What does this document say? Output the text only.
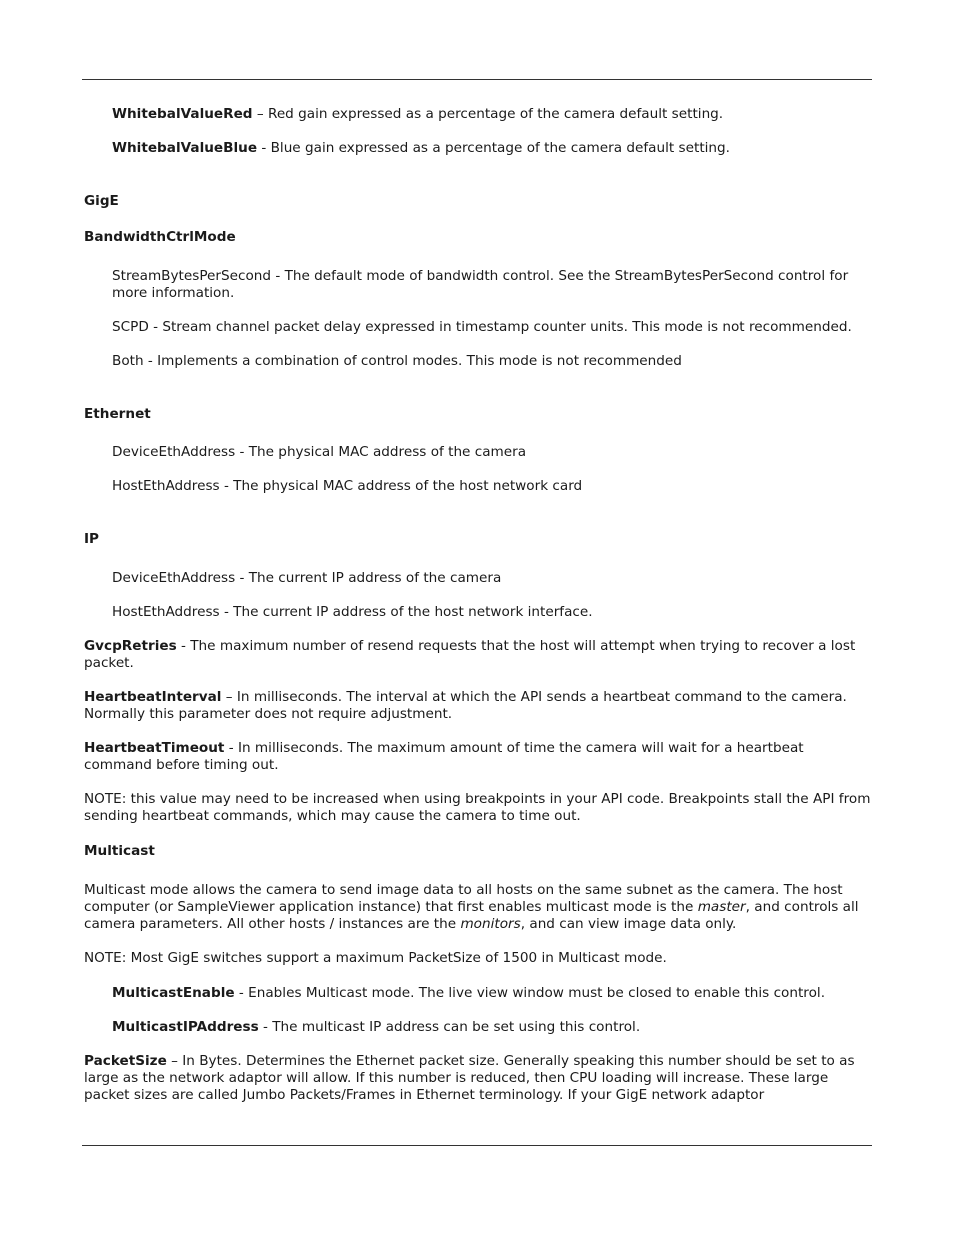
WhitebalValueRed – Red gain expressed as a percentage of the camera default setting.

WhitebalValueBlue - Blue gain expressed as a percentage of the camera default setting.

GigE

BandwidthCtrlMode

StreamBytesPerSecond - The default mode of bandwidth control. See the StreamBytesPerSecond control for more information.

SCPD - Stream channel packet delay expressed in timestamp counter units. This mode is not recommended.

Both - Implements a combination of control modes. This mode is not recommended

Ethernet

DeviceEthAddress - The physical MAC address of the camera

HostEthAddress - The physical MAC address of the host network card

IP

DeviceEthAddress - The current IP address of the camera

HostEthAddress - The current IP address of the host network interface.

GvcpRetries - The maximum number of resend requests that the host will attempt when trying to recover a lost packet.

HeartbeatInterval – In milliseconds. The interval at which the API sends a heartbeat command to the camera. Normally this parameter does not require adjustment.

HeartbeatTimeout - In milliseconds. The maximum amount of time the camera will wait for a heartbeat command before timing out.

NOTE: this value may need to be increased when using breakpoints in your API code. Breakpoints stall the API from sending heartbeat commands, which may cause the camera to time out.

Multicast

Multicast mode allows the camera to send image data to all hosts on the same subnet as the camera. The host computer (or SampleViewer application instance) that first enables multicast mode is the master, and controls all camera parameters. All other hosts / instances are the monitors, and can view image data only.

NOTE: Most GigE switches support a maximum PacketSize of 1500 in Multicast mode.

MulticastEnable - Enables Multicast mode. The live view window must be closed to enable this control.

MulticastIPAddress - The multicast IP address can be set using this control.

PacketSize – In Bytes. Determines the Ethernet packet size. Generally speaking this number should be set to as large as the network adaptor will allow. If this number is reduced, then CPU loading will increase. These large packet sizes are called Jumbo Packets/Frames in Ethernet terminology. If your GigE network adaptor
